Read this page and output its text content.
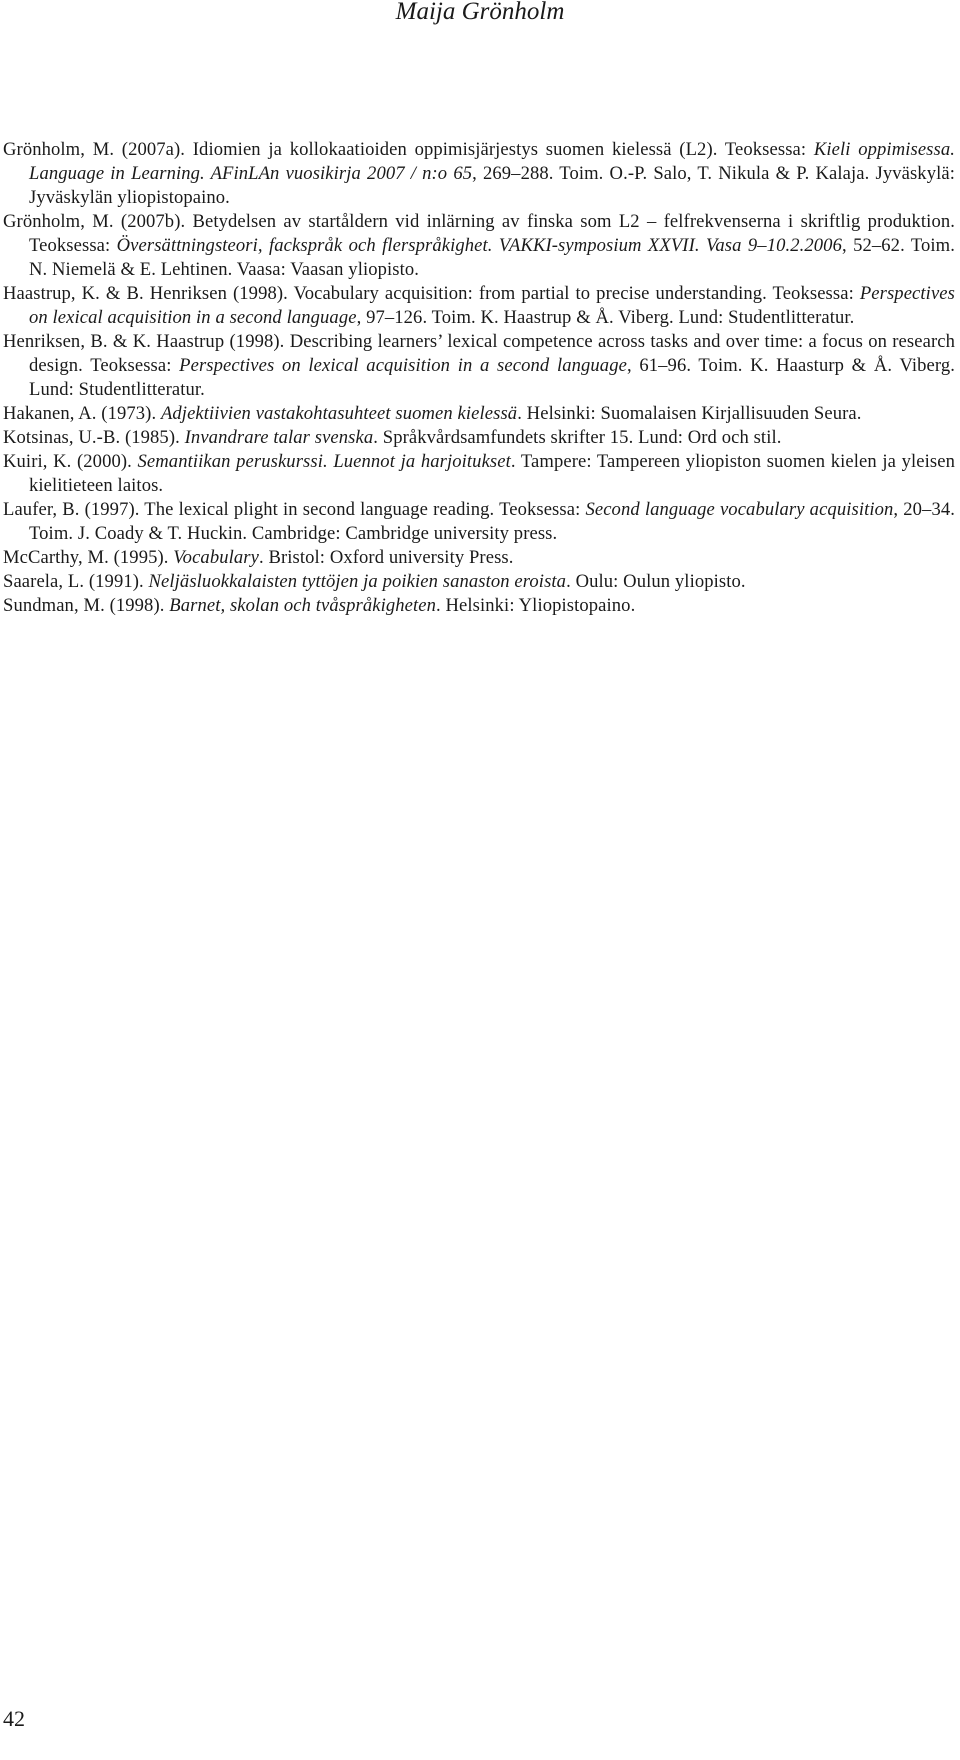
Maija Grönholm

Grönholm, M. (2007a). Idiomien ja kollokaatioiden oppimisjärjestys suomen kielessä (L2). Teoksessa: Kieli oppimisessa. Language in Learning. AFinLAn vuosikirja 2007 / n:o 65, 269–288. Toim. O.-P. Salo, T. Nikula & P. Kalaja. Jyväskylä: Jyväskylän yliopistopaino.

Grönholm, M. (2007b). Betydelsen av startåldern vid inlärning av finska som L2 – felfrekvenserna i skriftlig produktion. Teoksessa: Översättningsteori, fackspråk och flerspråkighet. VAKKI-symposium XXVII. Vasa 9–10.2.2006, 52–62. Toim. N. Niemelä & E. Lehtinen. Vaasa: Vaasan yliopisto.

Haastrup, K. & B. Henriksen (1998). Vocabulary acquisition: from partial to precise understanding. Teoksessa: Perspectives on lexical acquisition in a second language, 97–126. Toim. K. Haastrup & Å. Viberg. Lund: Studentlitteratur.

Henriksen, B. & K. Haastrup (1998). Describing learners’ lexical competence across tasks and over time: a focus on research design. Teoksessa: Perspectives on lexical acquisition in a second language, 61–96. Toim. K. Haasturp & Å. Viberg. Lund: Studentlitteratur.

Hakanen, A. (1973). Adjektiivien vastakohtasuhteet suomen kielessä. Helsinki: Suomalaisen Kirjallisuuden Seura.

Kotsinas, U.-B. (1985). Invandrare talar svenska. Språkvårdsamfundets skrifter 15. Lund: Ord och stil.

Kuiri, K. (2000). Semantiikan peruskurssi. Luennot ja harjoitukset. Tampere: Tampereen yliopiston suomen kielen ja yleisen kielitieteen laitos.

Laufer, B. (1997). The lexical plight in second language reading. Teoksessa: Second language vocabulary acquisition, 20–34. Toim. J. Coady & T. Huckin. Cambridge: Cambridge university press.

McCarthy, M. (1995). Vocabulary. Bristol: Oxford university Press.

Saarela, L. (1991). Neljäsluokkalaisten tyttöjen ja poikien sanaston eroista. Oulu: Oulun yliopisto.

Sundman, M. (1998). Barnet, skolan och tvåspråkigheten. Helsinki: Yliopistopaino.

42
